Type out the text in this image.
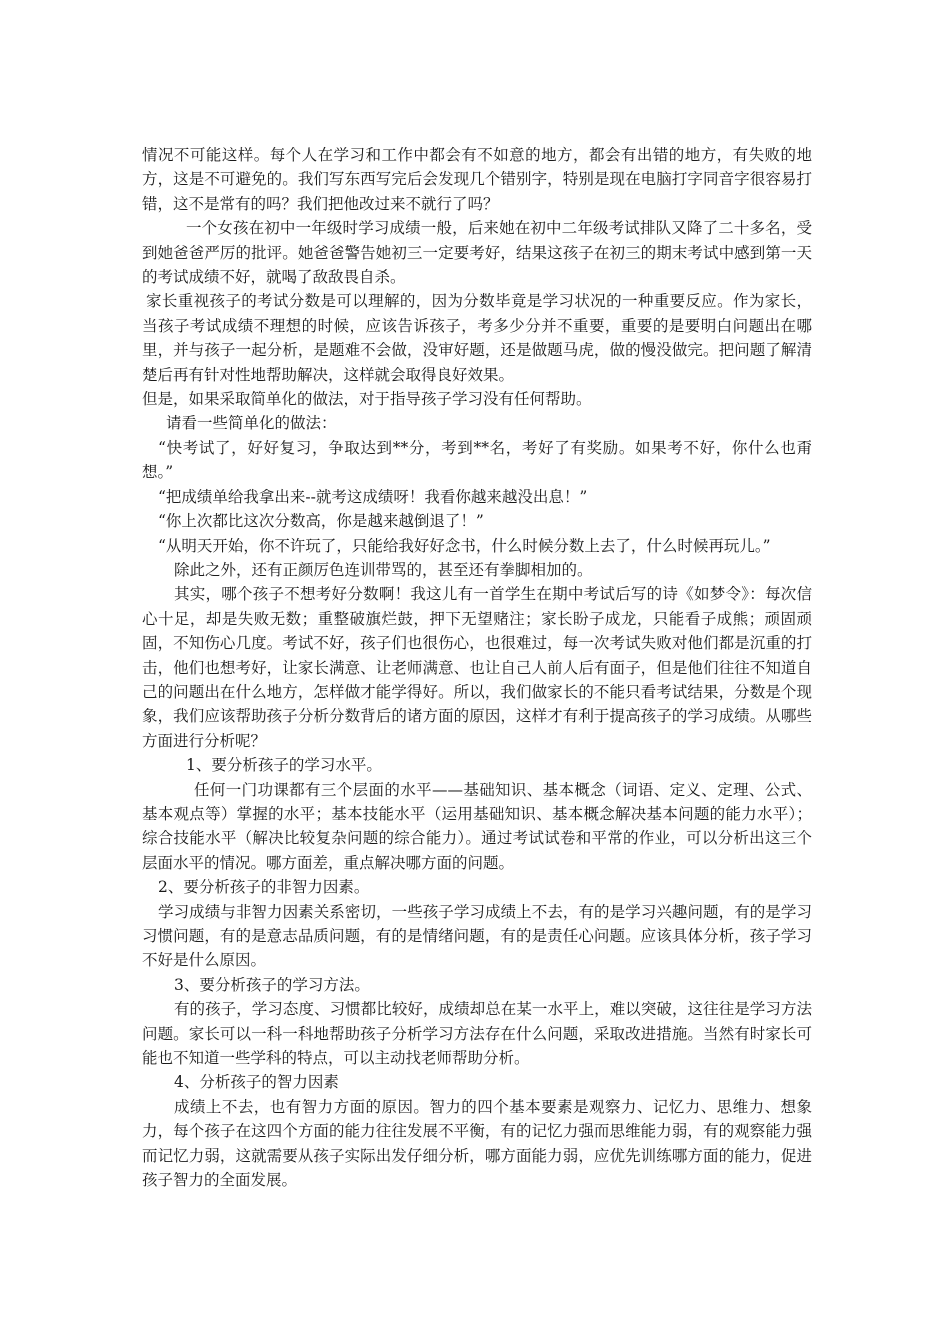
情况不可能这样。每个人在学习和工作中都会有不如意的地方，都会有出错的地方，有失败的地方，这是不可避免的。我们写东西写完后会发现几个错别字，特别是现在电脑打字同音字很容易打错，这不是常有的吗？我们把他改过来不就行了吗？

一个女孩在初中一年级时学习成绩一般，后来她在初中二年级考试排队又降了二十多名，受到她爸爸严厉的批评。她爸爸警告她初三一定要考好，结果这孩子在初三的期末考试中感到第一天的考试成绩不好，就喝了敌敌畏自杀。

家长重视孩子的考试分数是可以理解的，因为分数毕竟是学习状况的一种重要反应。作为家长，当孩子考试成绩不理想的时候，应该告诉孩子，考多少分并不重要，重要的是要明白问题出在哪里，并与孩子一起分析，是题难不会做，没审好题，还是做题马虎，做的慢没做完。把问题了解清楚后再有针对性地帮助解决，这样就会取得良好效果。

但是，如果采取简单化的做法，对于指导孩子学习没有任何帮助。

请看一些简单化的做法：

“快考试了，好好复习，争取达到**分，考到**名，考好了有奖励。如果考不好，你什么也甭想。”

“把成绩单给我拿出来--就考这成绩呀！我看你越来越没出息！”

“你上次都比这次分数高，你是越来越倒退了！”

“从明天开始，你不许玩了，只能给我好好念书，什么时候分数上去了，什么时候再玩儿。”

除此之外，还有正颜厉色连训带骂的，甚至还有拳脚相加的。

其实，哪个孩子不想考好分数啊！我这儿有一首学生在期中考试后写的诗《如梦令》：每次信心十足，却是失败无数；重整破旗烂鼓，押下无望赌注；家长盼子成龙，只能看子成熊；顽固顽固，不知伤心几度。考试不好，孩子们也很伤心，也很难过，每一次考试失败对他们都是沉重的打击，他们也想考好，让家长满意、让老师满意、也让自己人前人后有面子，但是他们往往不知道自己的问题出在什么地方，怎样做才能学得好。所以，我们做家长的不能只看考试结果，分数是个现象，我们应该帮助孩子分析分数背后的诸方面的原因，这样才有利于提高孩子的学习成绩。从哪些方面进行分析呢？

1、要分析孩子的学习水平。

任何一门功课都有三个层面的水平——基础知识、基本概念（词语、定义、定理、公式、基本观点等）掌握的水平；基本技能水平（运用基础知识、基本概念解决基本问题的能力水平）；综合技能水平（解决比较复杂问题的综合能力）。通过考试试卷和平常的作业，可以分析出这三个层面水平的情况。哪方面差，重点解决哪方面的问题。

2、要分析孩子的非智力因素。

学习成绩与非智力因素关系密切，一些孩子学习成绩上不去，有的是学习兴趣问题，有的是学习习惯问题，有的是意志品质问题，有的是情绪问题，有的是责任心问题。应该具体分析，孩子学习不好是什么原因。

3、要分析孩子的学习方法。

有的孩子，学习态度、习惯都比较好，成绩却总在某一水平上，难以突破，这往往是学习方法问题。家长可以一科一科地帮助孩子分析学习方法存在什么问题，采取改进措施。当然有时家长可能也不知道一些学科的特点，可以主动找老师帮助分析。

4、分析孩子的智力因素

成绩上不去，也有智力方面的原因。智力的四个基本要素是观察力、记忆力、思维力、想象力，每个孩子在这四个方面的能力往往发展不平衡，有的记忆力强而思维能力弱，有的观察能力强而记忆力弱，这就需要从孩子实际出发仔细分析，哪方面能力弱，应优先训练哪方面的能力，促进孩子智力的全面发展。
